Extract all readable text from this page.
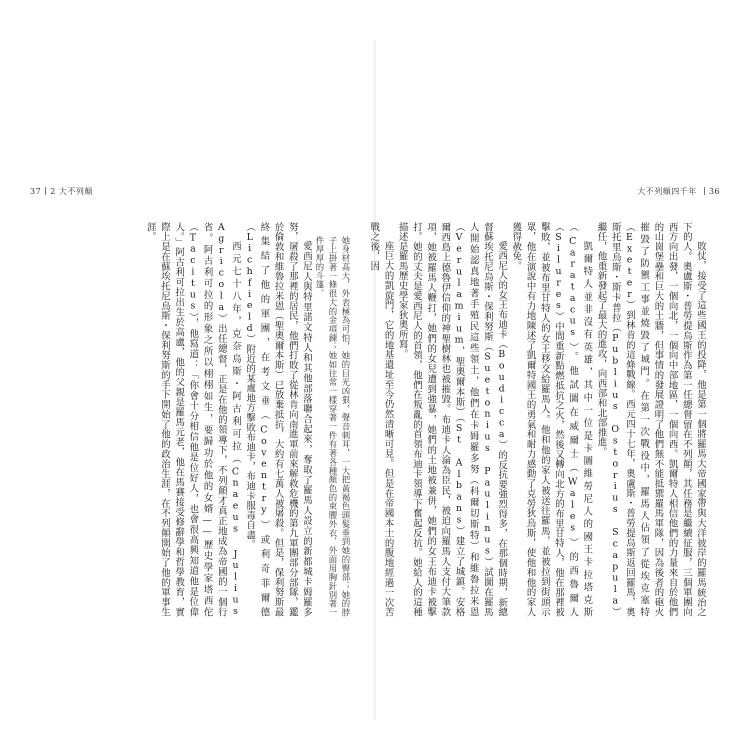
37 2 大不列顛	大不列顛四千年 36

她身材高大，外表極為可怕，她的目光凶狠，聲音刺耳，一大把黃褐色頭髮垂到她的臀部；她的脖子上掛著一條很大的金項鍊；她如往常一樣穿著一件有著各種顏色的束腰外衣，外面用胸針別著一件厚厚的斗篷。

愛西尼人與特里諾文特人和其他部落聯合起來，奪取了羅馬人設立的新都城卡姆羅多努，屠殺了那裡的居民，他們打敗了從林肯向南進軍前來解救危機的第九軍團部分部隊，鑑於倫敦和維魯拉米恩（聖奧爾本斯）已放棄抵抗，大約有七萬人被屠殺。但是，保利努斯最終集結了他的軍團，在考文垂（Coventry）或利奇菲爾德（Lichfield）附近的某處地方擊敗布迪卡，布迪卡服毒自盡。

西元七十八年，克奈烏斯・阿古利可拉（Cnaeus Julius Agricola）出任總督，正是在他的領導下，不列顛才真正地成為帝國的一個行省。阿古利可拉的形象之所以栩栩如生，要歸功於他的女婿——歷史學家塔西佗（Tacitus），他寫道：「你會十分相信他是位好人，也會很高興知道他是位偉人。」阿古利可拉出生於高盧，他的父親是羅馬元老，他在馬賽接受修辭學和哲學教育，實際上是在蘇埃托尼烏斯・保利努斯的手下開始了他的政治生涯，在不列顛開始了他的軍事生涯。

敗仗，接受了這些國王的投降，他是第一個將羅馬大帝國家帶與大洋彼岸的羅馬統治之下的人。奧盧斯・普勞提烏斯作為第一任總督留在不列顛，其任務是繼續征服，三個軍團向西方向出發，一個向北，一個向中部地區，一個向西。凱爾特人相信他們的力量來自於他們的山崗堡壘和巨大的土牆，但事情的發展證明了他們無不能抵禦羅馬軍隊，因為後者的砲火摧毀了防禦工事並燒毀了城門。在第一次戰役中，羅馬人佔領了從埃克塞特（Exeter）到林肯的這條戰線。西元四十七年，奧盧斯・普勞提烏斯返回羅馬，奧斯托里烏斯・斯卡普拉（Publius Ostorius Scapula）繼任，他重新發起了最大的進攻，向西部和北部推進。

凱爾特人並非沒有英雄，其中一位是卡圖維勞尼人的國王卡拉塔克斯（Caratacus）。他試圖在威爾士（Wales）的西魯爾人（Silures）中間重新點燃抵抗之火，然後又轉向北方的布里甘特人，他在那裡被擊敗，並被布里甘特人的女王移交給羅馬人。他和他的家人被送往羅馬，並被拉到街頭示眾，他在演說中有力地陳述了凱爾特國王的勇氣和耐力感動了克勞狄烏斯，使他和他的家人獲得赦免。

愛西尼人的女王布迪卡（Boudicca）的反抗要強烈得多，在那個時期，新總督蘇埃托尼烏斯・保利努斯（Suetonius Paulinus）試圖在羅馬人開始認真地著手殖民這些領土，他們在卡姆羅多努（科爾切斯特）和維魯拉米恩（Verulamium，聖奧爾本斯）（St Albans）建立了城鎮。安格爾西島上德魯伊信仰的神聖樹林也被摧毀。布迪卡人淪為臣民，被迫向羅馬人支付大筆款項，她被羅馬人鞭打，她們的女兒遭到強暴，她們的土地被兼併，她們的女王布迪卡被擊打。她的丈夫是愛西尼人的首領，他們在叛亂的首領布迪卡領導下奮起反抗。她給人的這種描述是羅馬歷史學家狄奧所寫。

座巨大的凱旋門，它的地基遺址至今仍然清晰可見。但是在帝國本土的腹地經過一次苦戰之後，因
